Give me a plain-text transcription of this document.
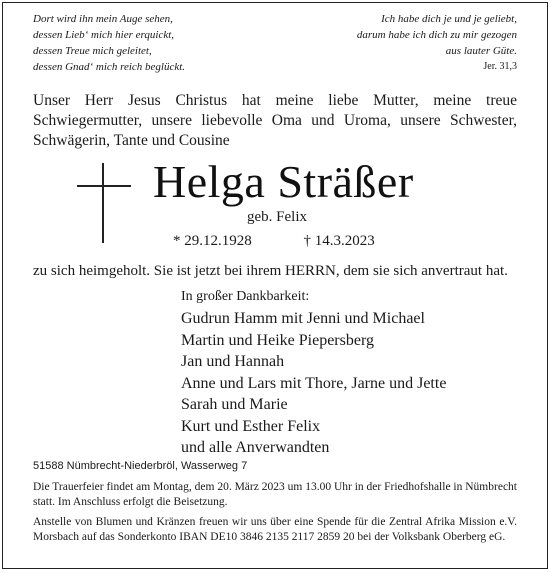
Dort wird ihn mein Auge sehen,
dessen Lieb‘ mich hier erquickt,
dessen Treue mich geleitet,
dessen Gnad‘ mich reich beglückt.
Ich habe dich je und je geliebt,
darum habe ich dich zu mir gezogen
aus lauter Güte.
Jer. 31,3
Unser Herr Jesus Christus hat meine liebe Mutter, meine treue Schwiegermutter, unsere liebevolle Oma und Uroma, unsere Schwester, Schwägerin, Tante und Cousine
Helga Sträßer
geb. Felix
* 29.12.1928	† 14.3.2023
zu sich heimgeholt. Sie ist jetzt bei ihrem HERRN, dem sie sich anvertraut hat.
In großer Dankbarkeit:
Gudrun Hamm mit Jenni und Michael
Martin und Heike Piepersberg
Jan und Hannah
Anne und Lars mit Thore, Jarne und Jette
Sarah und Marie
Kurt und Esther Felix
und alle Anverwandten
51588 Nümbrecht-Niederbröl, Wasserweg 7
Die Trauerfeier findet am Montag, dem 20. März 2023 um 13.00 Uhr in der Friedhofshalle in Nümbrecht statt. Im Anschluss erfolgt die Beisetzung.
Anstelle von Blumen und Kränzen freuen wir uns über eine Spende für die Zentral Afrika Mission e.V. Morsbach auf das Sonderkonto IBAN DE10 3846 2135 2117 2859 20 bei der Volksbank Oberberg eG.
